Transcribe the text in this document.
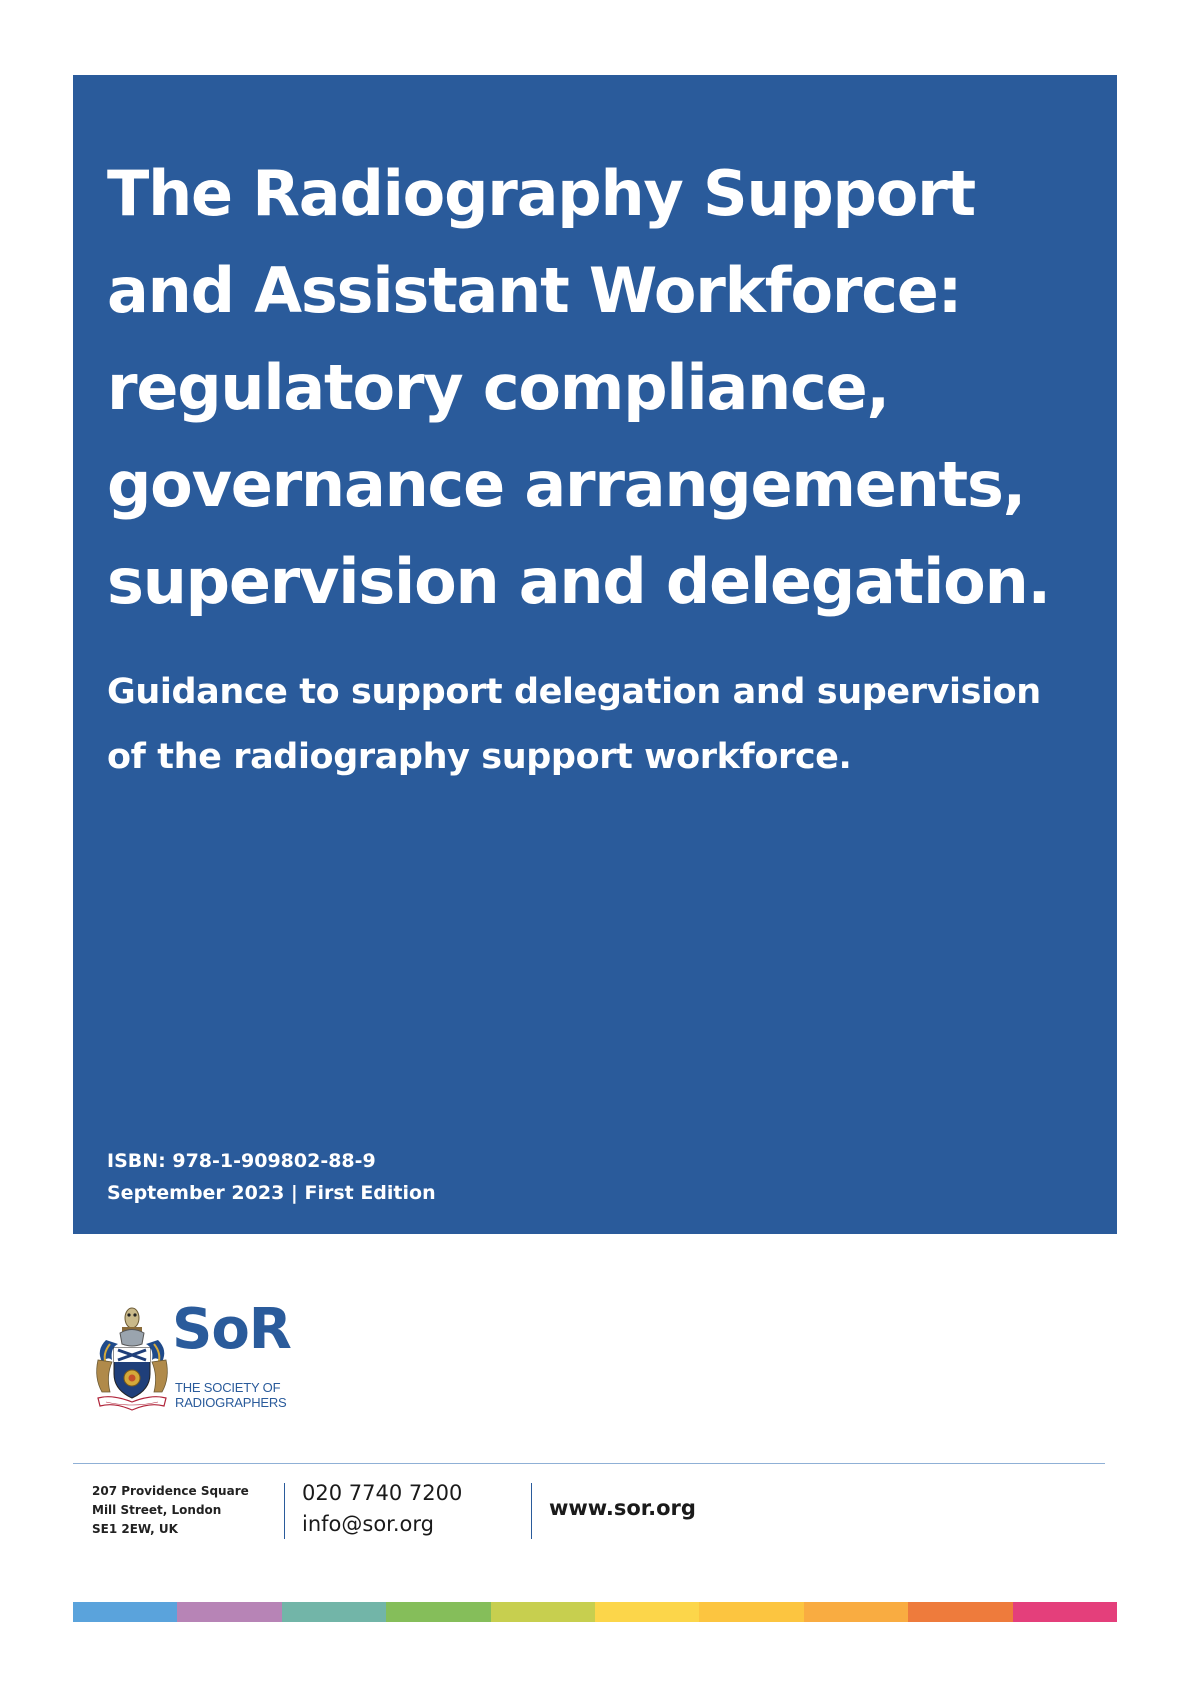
The Radiography Support
and Assistant Workforce:
regulatory compliance,
governance arrangements,
supervision and delegation.

Guidance to support delegation and supervision
of the radiography support workforce.

ISBN: 978-1-909802-88-9
September 2023 | First Edition
SoR
THE SOCIETY OF
RADIOGRAPHERS
207 Providence Square
Mill Street, London
SE1 2EW, UK
020 7740 7200
info@sor.org
www.sor.org
